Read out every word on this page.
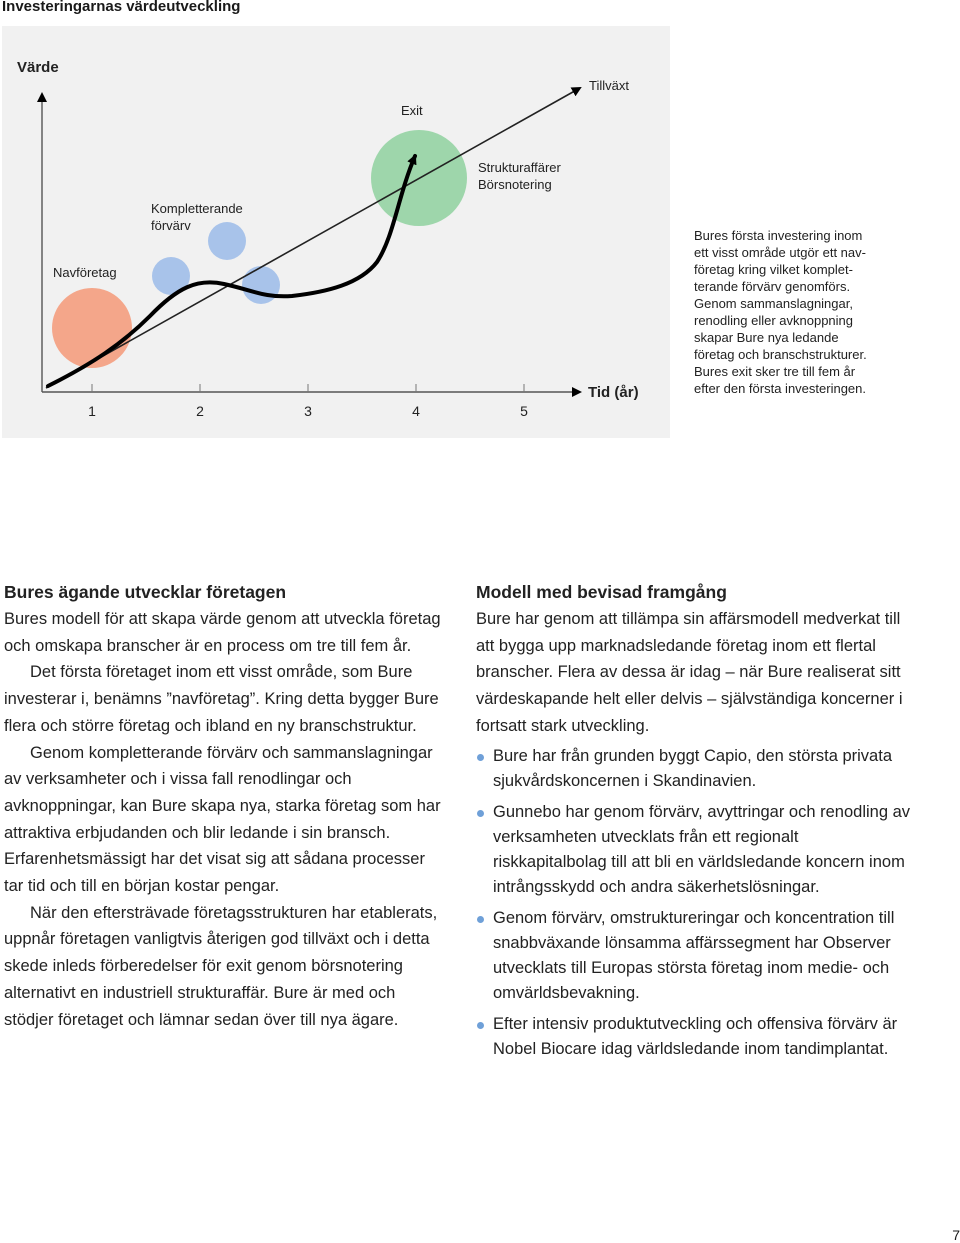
Investeringarnas värdeutveckling
Värde
Tid (år)
Navföretag
Kompletterande
förvärv
Exit
Strukturaffärer
Börsnotering
Tillväxt
1	2	3	4	5
Bures första investering inom
ett visst område utgör ett nav-
företag kring vilket komplet-
terande förvärv genomförs.
Genom sammanslagningar,
renodling eller avknoppning
skapar Bure nya ledande
företag och branschstrukturer.
Bures exit sker tre till fem år
efter den första investeringen.
Bures ägande utvecklar företagen

Bures modell för att skapa värde genom att utveckla företag och omskapa branscher är en process om tre till fem år.

Det första företaget inom ett visst område, som Bure investerar i, benämns ”navföretag”. Kring detta bygger Bure flera och större företag och ibland en ny branschstruktur.

Genom kompletterande förvärv och sammanslagningar av verksamheter och i vissa fall renodlingar och avknoppningar, kan Bure skapa nya, starka företag som har attraktiva erbjudanden och blir ledande i sin bransch. Erfarenhetsmässigt har det visat sig att sådana processer tar tid och till en början kostar pengar.

När den eftersträvade företagsstrukturen har etablerats, uppnår företagen vanligtvis återigen god tillväxt och i detta skede inleds förberedelser för exit genom börsnotering alternativt en industriell strukturaffär. Bure är med och stödjer företaget och lämnar sedan över till nya ägare.

Modell med bevisad framgång

Bure har genom att tillämpa sin affärsmodell medverkat till att bygga upp marknadsledande företag inom ett flertal branscher. Flera av dessa är idag – när Bure realiserat sitt värdeskapande helt eller delvis – självständiga koncerner i fortsatt stark utveckling.

Bure har från grunden byggt Capio, den största privata sjukvårdskoncernen i Skandinavien.
Gunnebo har genom förvärv, avyttringar och renodling av verksamheten utvecklats från ett regionalt riskkapitalbolag till att bli en världsledande koncern inom intrångsskydd och andra säkerhetslösningar.
Genom förvärv, omstruktureringar och koncentration till snabbväxande lönsamma affärssegment har Observer utvecklats till Europas största företag inom medie- och omvärldsbevakning.
Efter intensiv produktutveckling och offensiva förvärv är Nobel Biocare idag världsledande inom tandimplantat.
7
